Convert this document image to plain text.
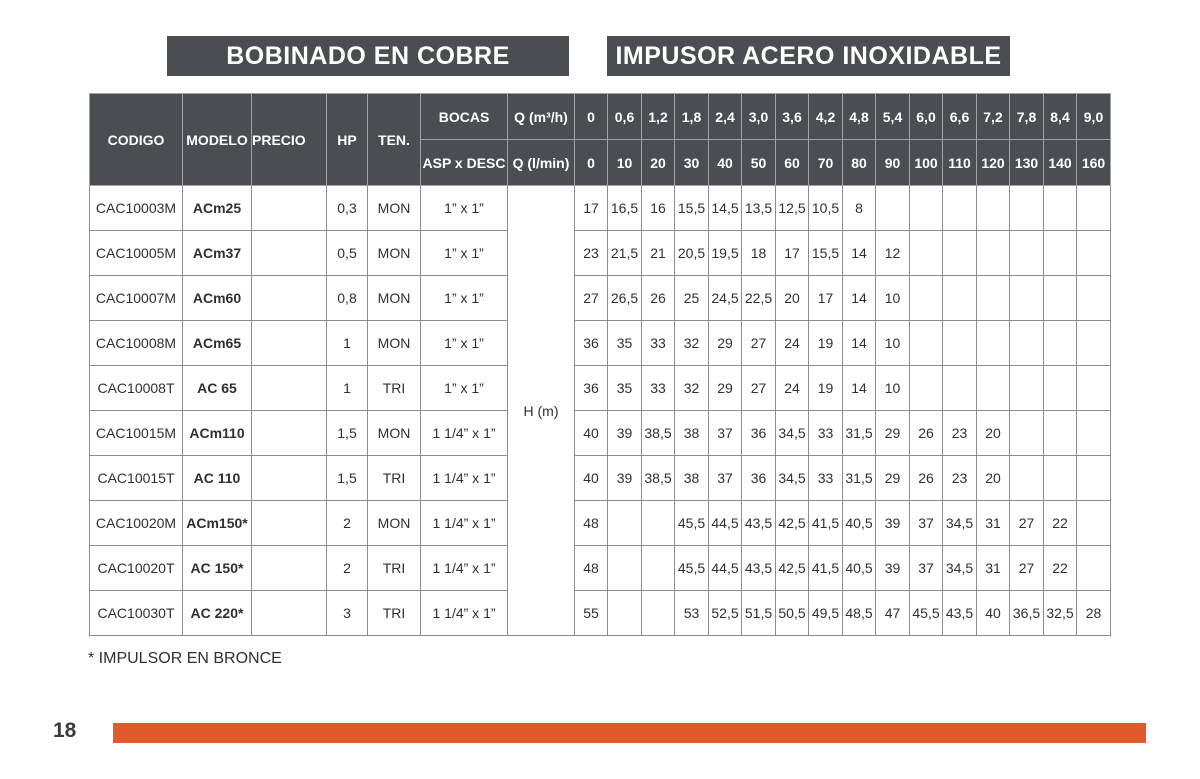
BOBINADO EN COBRE	IMPUSOR ACERO INOXIDABLE
CODIGO	MODELO	PRECIO	HP	TEN.	BOCAS	Q (m³/h)	0	0,6	1,2	1,8	2,4	3,0	3,6	4,2	4,8	5,4	6,0	6,6	7,2	7,8	8,4	9,0
					ASP x DESC	Q (l/min)	0	10	20	30	40	50	60	70	80	90	100	110	120	130	140	160
CAC10003M	ACm25		0,3	MON	1” x 1”	H (m)	17	16,5	16	15,5	14,5	13,5	12,5	10,5	8							
CAC10005M	ACm37		0,5	MON	1” x 1”		23	21,5	21	20,5	19,5	18	17	15,5	14	12						
CAC10007M	ACm60		0,8	MON	1” x 1”		27	26,5	26	25	24,5	22,5	20	17	14	10						
CAC10008M	ACm65		1	MON	1” x 1”		36	35	33	32	29	27	24	19	14	10						
CAC10008T	AC 65		1	TRI	1” x 1”		36	35	33	32	29	27	24	19	14	10						
CAC10015M	ACm110		1,5	MON	1 1/4” x 1”		40	39	38,5	38	37	36	34,5	33	31,5	29	26	23	20			
CAC10015T	AC 110		1,5	TRI	1 1/4” x 1”		40	39	38,5	38	37	36	34,5	33	31,5	29	26	23	20			
CAC10020M	ACm150*		2	MON	1 1/4” x 1”		48			45,5	44,5	43,5	42,5	41,5	40,5	39	37	34,5	31	27	22	
CAC10020T	AC 150*		2	TRI	1 1/4” x 1”		48			45,5	44,5	43,5	42,5	41,5	40,5	39	37	34,5	31	27	22	
CAC10030T	AC 220*		3	TRI	1 1/4” x 1”		55			53	52,5	51,5	50,5	49,5	48,5	47	45,5	43,5	40	36,5	32,5	28
* IMPULSOR EN BRONCE
18
